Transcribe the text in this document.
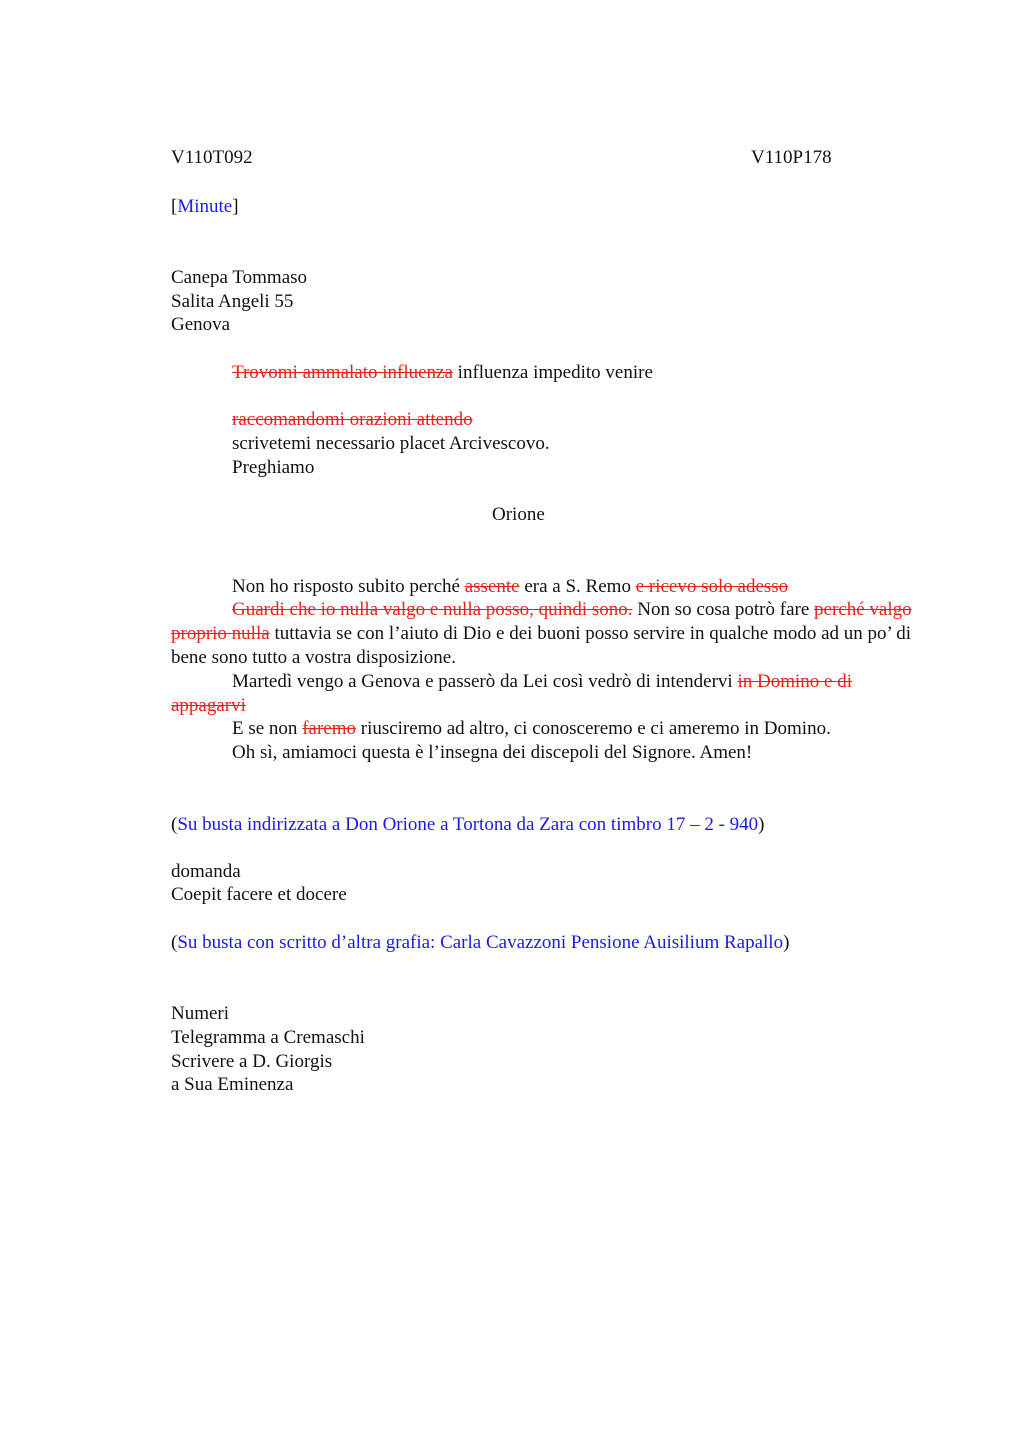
V110T092	V110P178
[Minute]
Canepa Tommaso
Salita Angeli 55
Genova
Trovomi ammalato influenza influenza impedito venire
raccomandomi orazioni attendo
scrivetemi necessario placet Arcivescovo.
Preghiamo
Orione
Non ho risposto subito perché assente era a S. Remo e ricevo solo adesso

Guardi che io nulla valgo e nulla posso, quindi sono. Non so cosa potrò fare perché valgo proprio nulla tuttavia se con l’aiuto di Dio e dei buoni posso servire in qualche modo ad un po’ di bene sono tutto a vostra disposizione.

Martedì vengo a Genova e passerò da Lei così vedrò di intendervi in Domino e di appagarvi

E se non faremo riusciremo ad altro, ci conosceremo e ci ameremo in Domino.
Oh sì, amiamoci questa è l’insegna dei discepoli del Signore. Amen!
(Su busta indirizzata a Don Orione a Tortona da Zara con timbro 17 – 2 - 940)
domanda
Coepit facere et docere
(Su busta con scritto d’altra grafia: Carla Cavazzoni Pensione Auisilium Rapallo)
Numeri
Telegramma a Cremaschi
Scrivere a D. Giorgis
a Sua Eminenza
